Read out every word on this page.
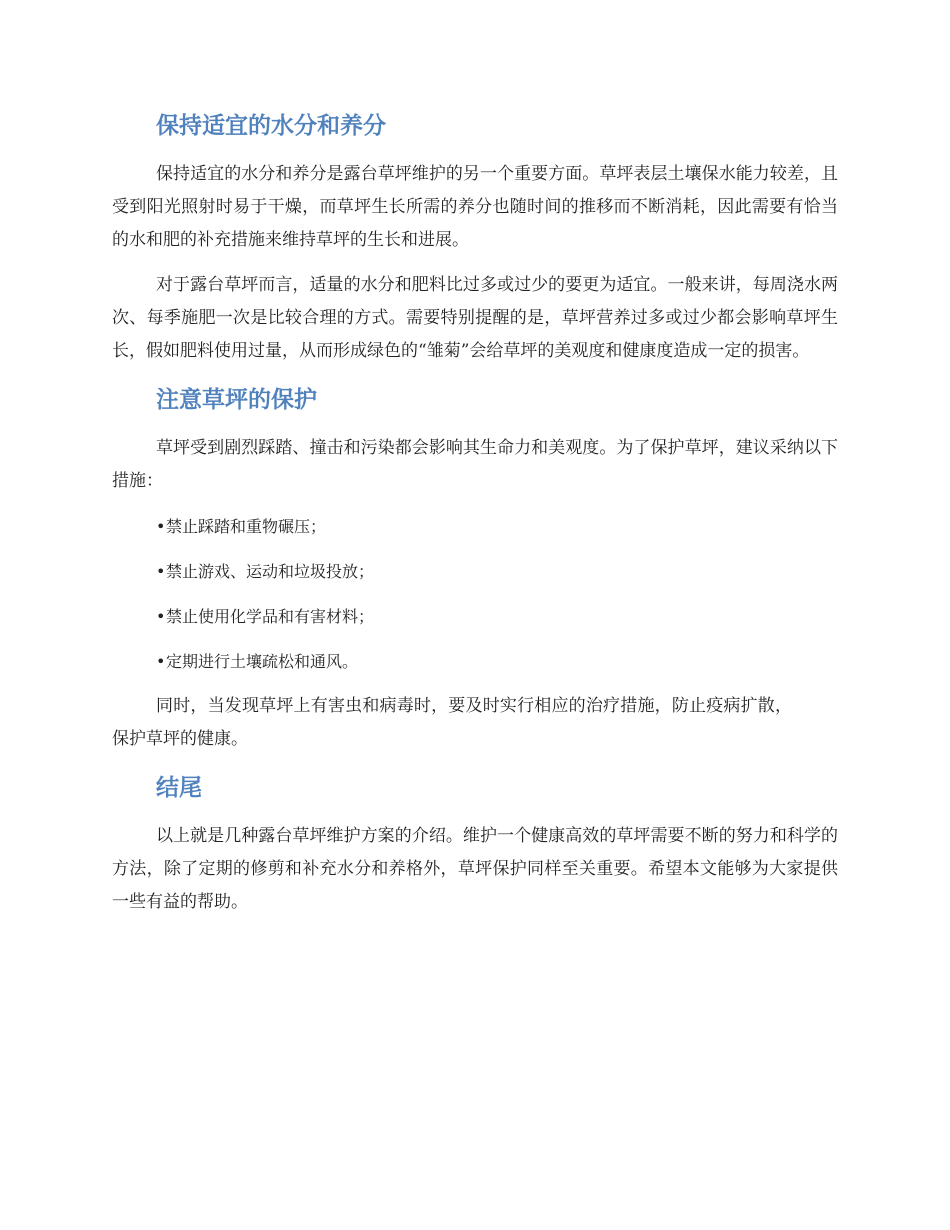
保持适宜的水分和养分

保持适宜的水分和养分是露台草坪维护的另一个重要方面。草坪表层土壤保水能力较差，且受到阳光照射时易于干燥，而草坪生长所需的养分也随时间的推移而不断消耗，因此需要有恰当的水和肥的补充措施来维持草坪的生长和进展。

对于露台草坪而言，适量的水分和肥料比过多或过少的要更为适宜。一般来讲，每周浇水两次、每季施肥一次是比较合理的方式。需要特别提醒的是，草坪营养过多或过少都会影响草坪生长，假如肥料使用过量，从而形成绿色的“雏菊”会给草坪的美观度和健康度造成一定的损害。

注意草坪的保护

草坪受到剧烈踩踏、撞击和污染都会影响其生命力和美观度。为了保护草坪，建议采纳以下措施：

•禁止踩踏和重物碾压；
•禁止游戏、运动和垃圾投放；
•禁止使用化学品和有害材料；
•定期进行土壤疏松和通风。

同时，当发现草坪上有害虫和病毒时，要及时实行相应的治疗措施，防止疫病扩散，保护草坪的健康。

结尾

以上就是几种露台草坪维护方案的介绍。维护一个健康高效的草坪需要不断的努力和科学的方法，除了定期的修剪和补充水分和养格外，草坪保护同样至关重要。希望本文能够为大家提供一些有益的帮助。
